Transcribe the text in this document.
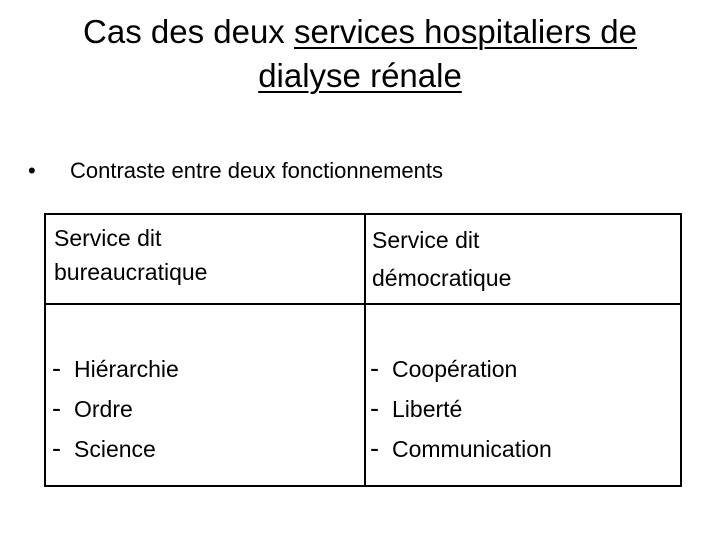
Cas des deux services hospitaliers de
dialyse rénale
• Contraste entre deux fonctionnements
Service dit
bureaucratique
Service dit
démocratique
- Hiérarchie
- Ordre
- Science
- Coopération
- Liberté
- Communication
